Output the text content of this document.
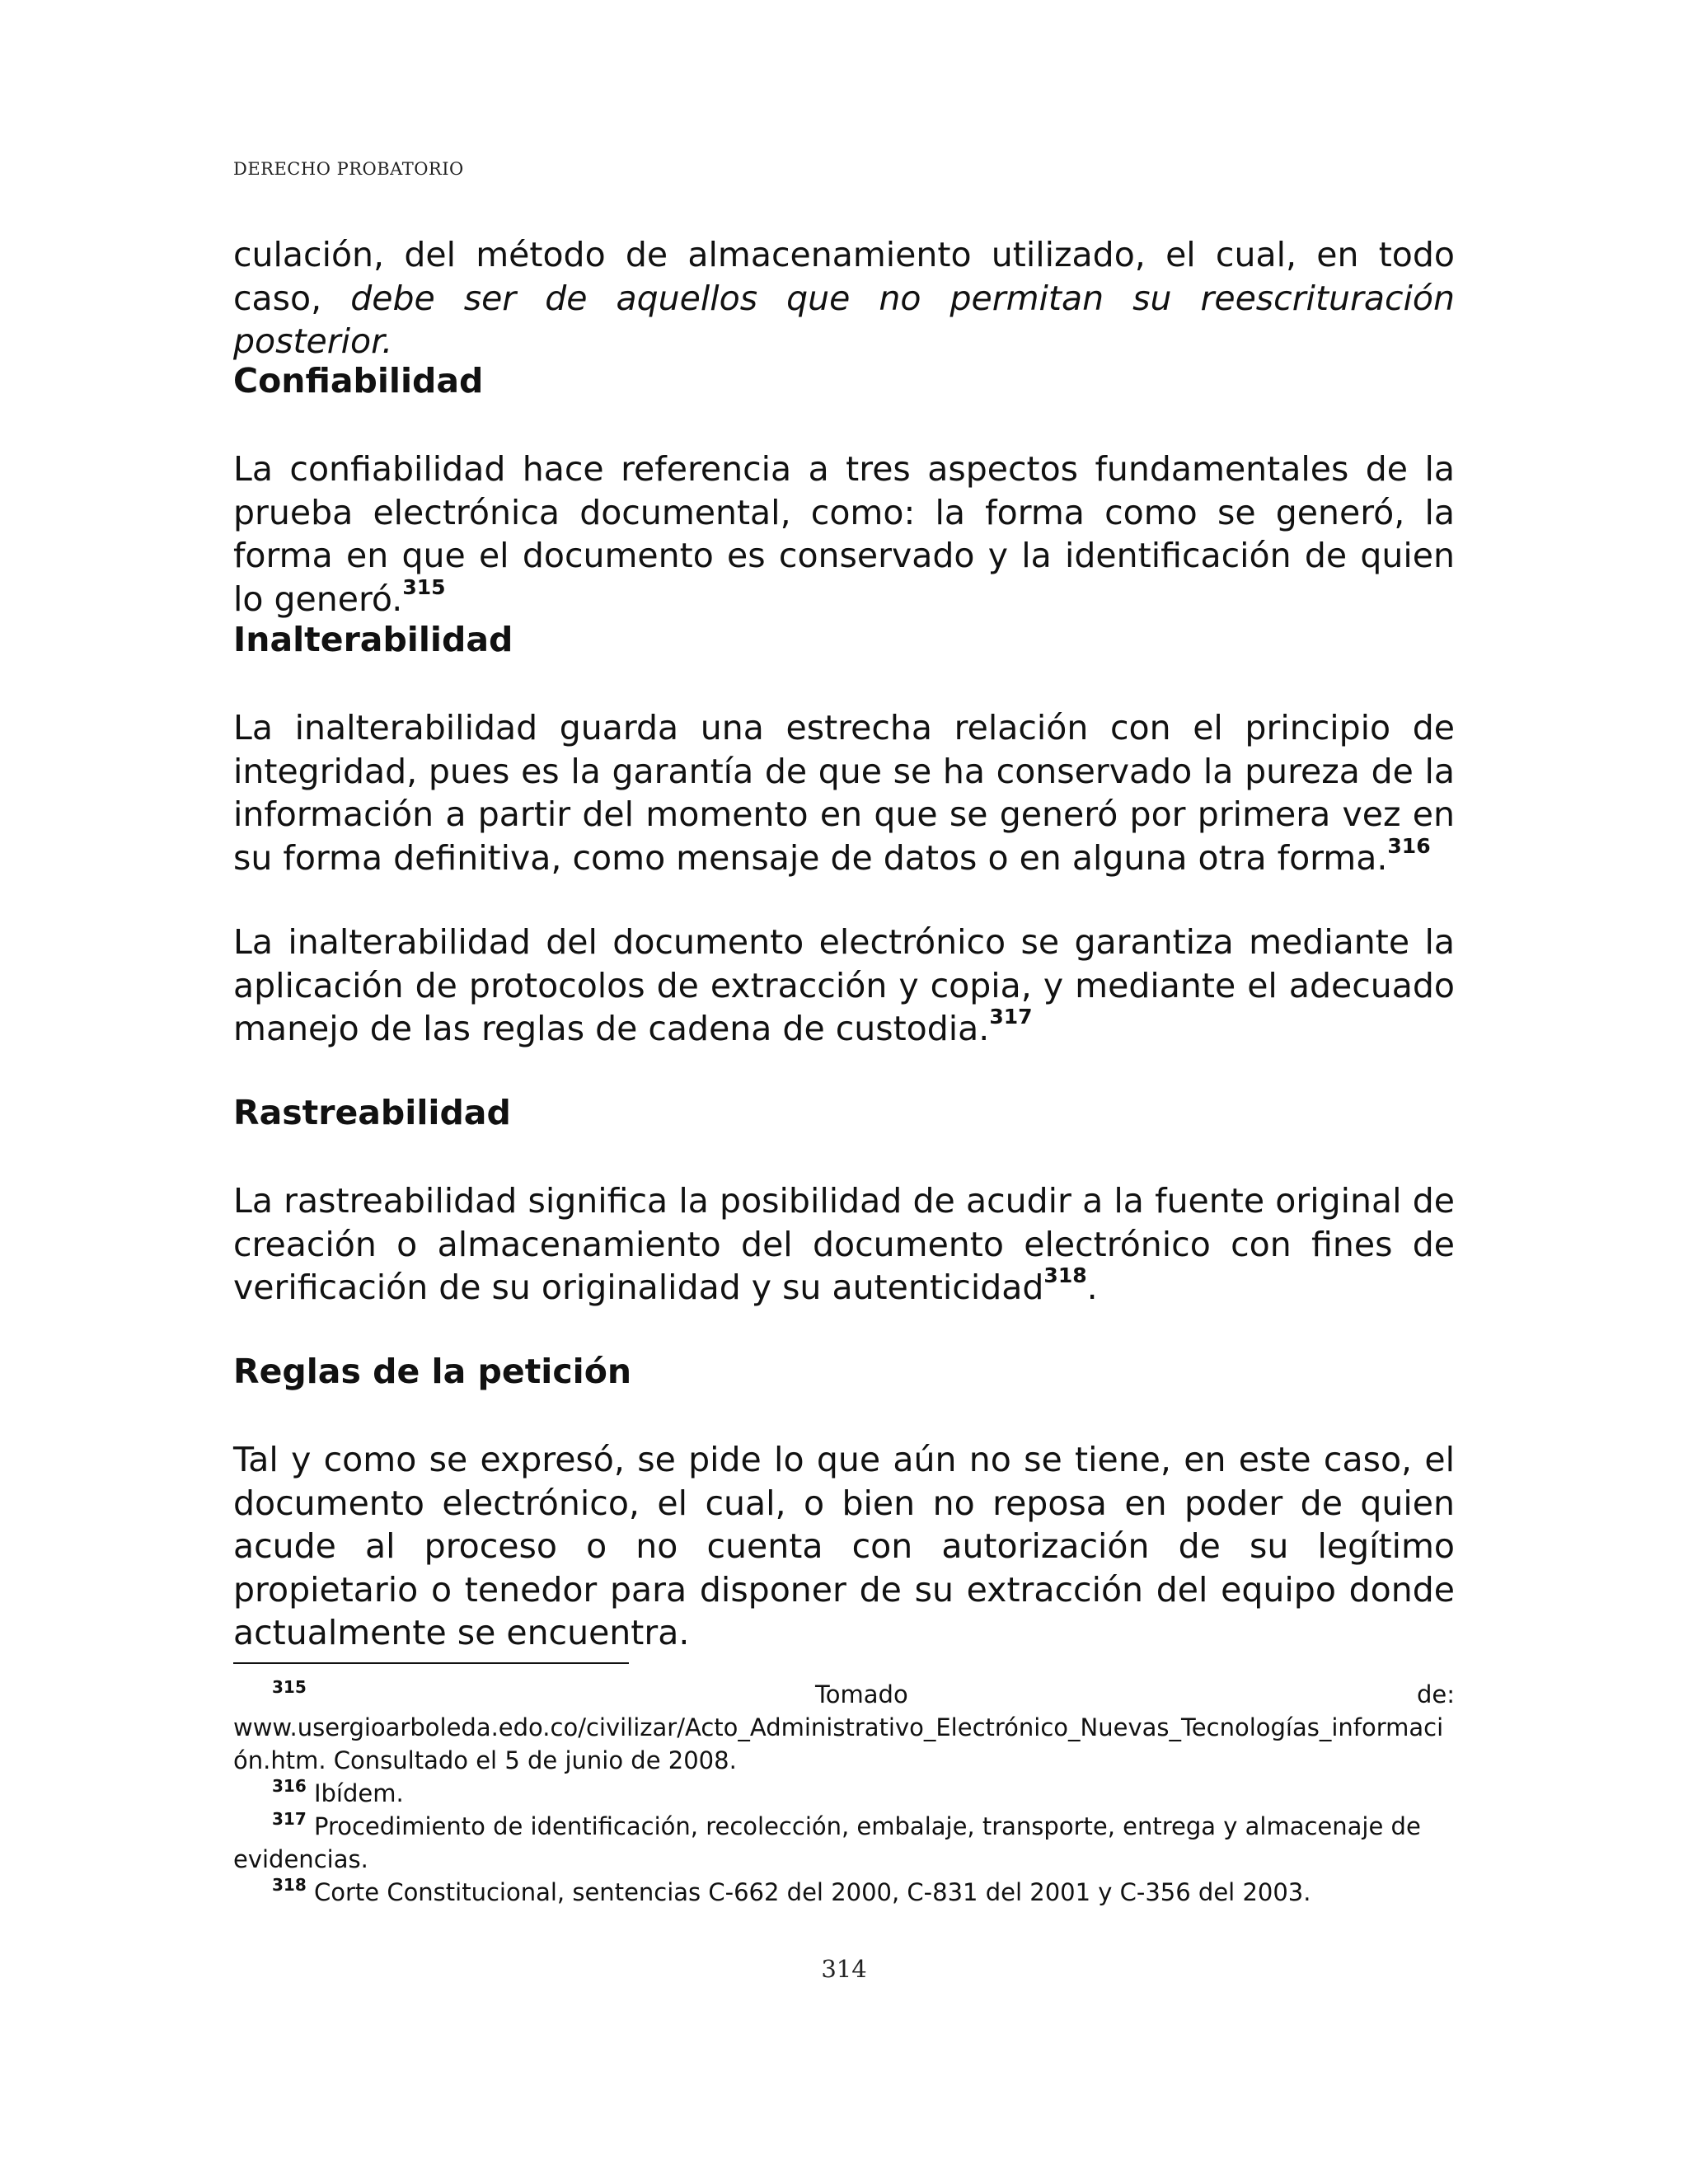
DERECHO PROBATORIO

culación, del método de almacenamiento utilizado, el cual, en todo caso, debe ser de aquellos que no permitan su reescrituración posterior.

Confiabilidad

La confiabilidad hace referencia a tres aspectos fundamentales de la prueba electrónica documental, como: la forma como se generó, la forma en que el documento es conservado y la identificación de quien lo generó.$^{315}$

Inalterabilidad

La inalterabilidad guarda una estrecha relación con el principio de integridad, pues es la garantía de que se ha conservado la pureza de la información a partir del momento en que se generó por primera vez en su forma definitiva, como mensaje de datos o en alguna otra forma.$^{316}$

La inalterabilidad del documento electrónico se garantiza mediante la aplicación de protocolos de extracción y copia, y mediante el adecuado manejo de las reglas de cadena de custodia.$^{317}$

Rastreabilidad

La rastreabilidad significa la posibilidad de acudir a la fuente original de creación o almacenamiento del documento electrónico con fines de verificación de su originalidad y su autenticidad$^{318}$.

Reglas de la petición

Tal y como se expresó, se pide lo que aún no se tiene, en este caso, el documento electrónico, el cual, o bien no reposa en poder de quien acude al proceso o no cuenta con autorización de su legítimo propietario o tenedor para disponer de su extracción del equipo donde actualmente se encuentra.

$^{315}$	Tomado	de:
www.usergioarboleda.edo.co/civilizar/Acto_Administrativo_Electrónico_Nuevas_Tecnologías_información.htm. Consultado el 5 de junio de 2008.
$^{316}$ Ibídem.
$^{317}$ Procedimiento de identificación, recolección, embalaje, transporte, entrega y almacenaje de evidencias.
$^{318}$ Corte Constitucional, sentencias C-662 del 2000, C-831 del 2001 y C-356 del 2003.
314
